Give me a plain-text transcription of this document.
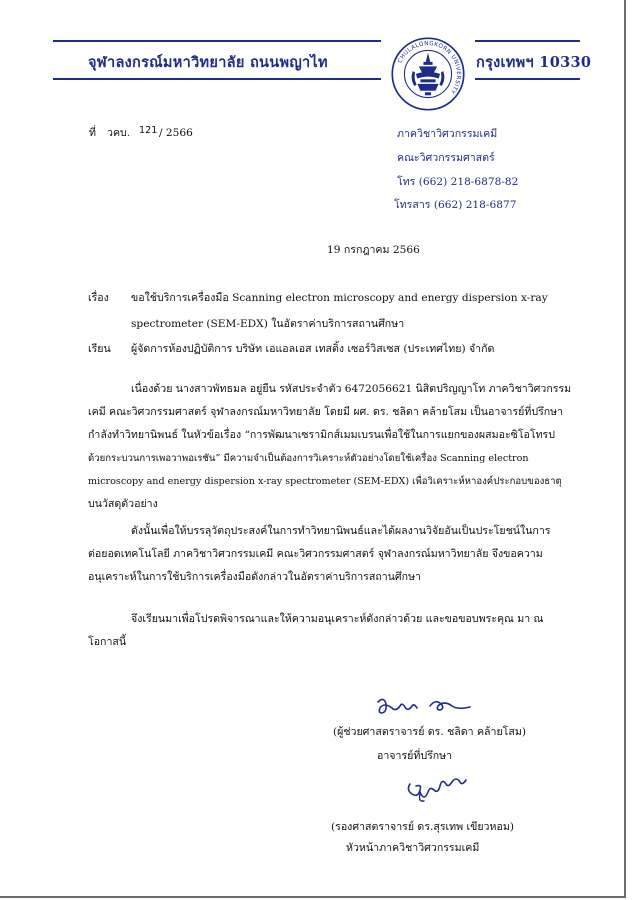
จุฬาลงกรณ์มหาวิทยาลัย ถนนพญาไท	กรุงเทพฯ 10330
CHULALONGKORN UNIVERSITY
ที่ วคบ. 121 / 2566	ภาควิชาวิศวกรรมเคมี
คณะวิศวกรรมศาสตร์
โทร (662) 218-6878-82
โทรสาร (662) 218-6877
19 กรกฎาคม 2566
เรื่อง ขอใช้บริการเครื่องมือ Scanning electron microscopy and energy dispersion x-ray
spectrometer (SEM-EDX) ในอัตราค่าบริการสถานศึกษา
เรียน ผู้จัดการห้องปฏิบัติการ บริษัท เอแอลเอส เทสติ้ง เซอร์วิสเซส (ประเทศไทย) จำกัด
เนื่องด้วย นางสาวพัทธมล อยู่ยืน รหัสประจำตัว 6472056621 นิสิตปริญญาโท ภาควิชาวิศวกรรม
เคมี คณะวิศวกรรมศาสตร์ จุฬาลงกรณ์มหาวิทยาลัย โดยมี ผศ. ดร. ชลิดา คล้ายโสม เป็นอาจารย์ที่ปรึกษา
กำลังทำวิทยานิพนธ์ ในหัวข้อเรื่อง “การพัฒนาเซรามิกส์เมมเบรนเพื่อใช้ในการแยกของผสมอะซิโอโทรป
ด้วยกระบวนการเพอวาพอเรชัน” มีความจำเป็นต้องการวิเคราะห์ตัวอย่างโดยใช้เครื่อง Scanning electron
microscopy and energy dispersion x-ray spectrometer (SEM-EDX) เพื่อวิเคราะห์หาองค์ประกอบของธาตุ
บนวัสดุตัวอย่าง
ดังนั้นเพื่อให้บรรลุวัตถุประสงค์ในการทำวิทยานิพนธ์และได้ผลงานวิจัยอันเป็นประโยชน์ในการ
ต่อยอดเทคโนโลยี ภาควิชาวิศวกรรมเคมี คณะวิศวกรรมศาสตร์ จุฬาลงกรณ์มหาวิทยาลัย จึงขอความ
อนุเคราะห์ในการใช้บริการเครื่องมือดังกล่าวในอัตราค่าบริการสถานศึกษา
จึงเรียนมาเพื่อโปรดพิจารณาและให้ความอนุเคราะห์ดังกล่าวด้วย และขอขอบพระคุณ มา ณ
โอกาสนี้
(ผู้ช่วยศาสตราจารย์ ดร. ชลิดา คล้ายโสม)
อาจารย์ที่ปรึกษา
(รองศาสตราจารย์ ดร.สุรเทพ เขียวหอม)
หัวหน้าภาควิชาวิศวกรรมเคมี
